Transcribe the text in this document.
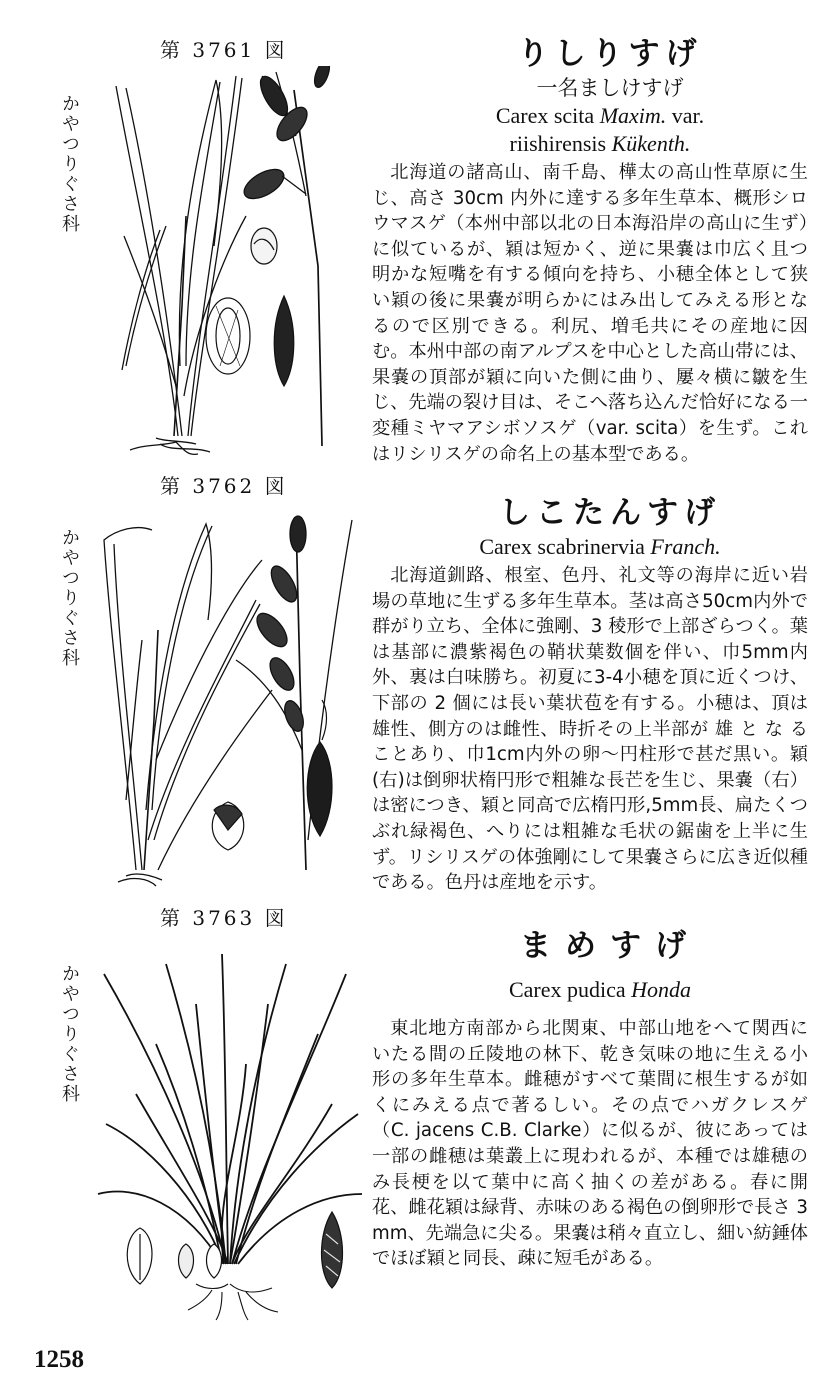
第 3761 図
かやつりぐさ科
りしりすげ
一名ましけすげ
Carex scita Maxim. var.
riishirensis Kükenth.
北海道の諸高山、南千島、樺太の高山性草原に生じ、高さ 30cm 内外に達する多年生草本、概形シロウマスゲ（本州中部以北の日本海沿岸の高山に生ず）に似ているが、穎は短かく、逆に果嚢は巾広く且つ明かな短嘴を有する傾向を持ち、小穂全体として狭い穎の後に果嚢が明らかにはみ出してみえる形となるので区別できる。利尻、増毛共にその産地に因む。本州中部の南アルプスを中心とした高山帯には、果嚢の頂部が穎に向いた側に曲り、屢々横に皺を生じ、先端の裂け目は、そこへ落ち込んだ恰好になる一変種ミヤマアシボソスゲ（var. scita）を生ず。これはリシリスゲの命名上の基本型である。
第 3762 図
かやつりぐさ科
しこたんすげ
Carex scabrinervia Franch.
北海道釧路、根室、色丹、礼文等の海岸に近い岩場の草地に生ずる多年生草本。茎は高さ50cm内外で群がり立ち、全体に強剛、3 稜形で上部ざらつく。葉は基部に濃紫褐色の鞘状葉数個を伴い、巾5mm内外、裏は白味勝ち。初夏に3-4小穂を頂に近くつけ、下部の 2 個には長い葉状苞を有する。小穂は、頂は雄性、側方のは雌性、時折その上半部が 雄 と な ることあり、巾1cm内外の卵～円柱形で甚だ黒い。穎(右)は倒卵状楕円形で粗雑な長芒を生じ、果嚢（右）は密につき、穎と同高で広楕円形,5mm長、扁たくつぶれ緑褐色、へりには粗雑な毛状の鋸歯を上半に生ず。リシリスゲの体強剛にして果嚢さらに広き近似種である。色丹は産地を示す。
第 3763 図
かやつりぐさ科
まめすげ
Carex pudica Honda
東北地方南部から北関東、中部山地をへて関西にいたる間の丘陵地の林下、乾き気味の地に生える小形の多年生草本。雌穂がすべて葉間に根生するが如くにみえる点で著るしい。その点でハガクレスゲ（C. jacens C.B. Clarke）に似るが、彼にあっては一部の雌穂は葉叢上に現われるが、本種では雄穂のみ長梗を以て葉中に高く抽くの差がある。春に開花、雌花穎は緑背、赤味のある褐色の倒卵形で長さ 3mm、先端急に尖る。果嚢は稍々直立し、細い紡錘体でほぼ穎と同長、疎に短毛がある。
1258
